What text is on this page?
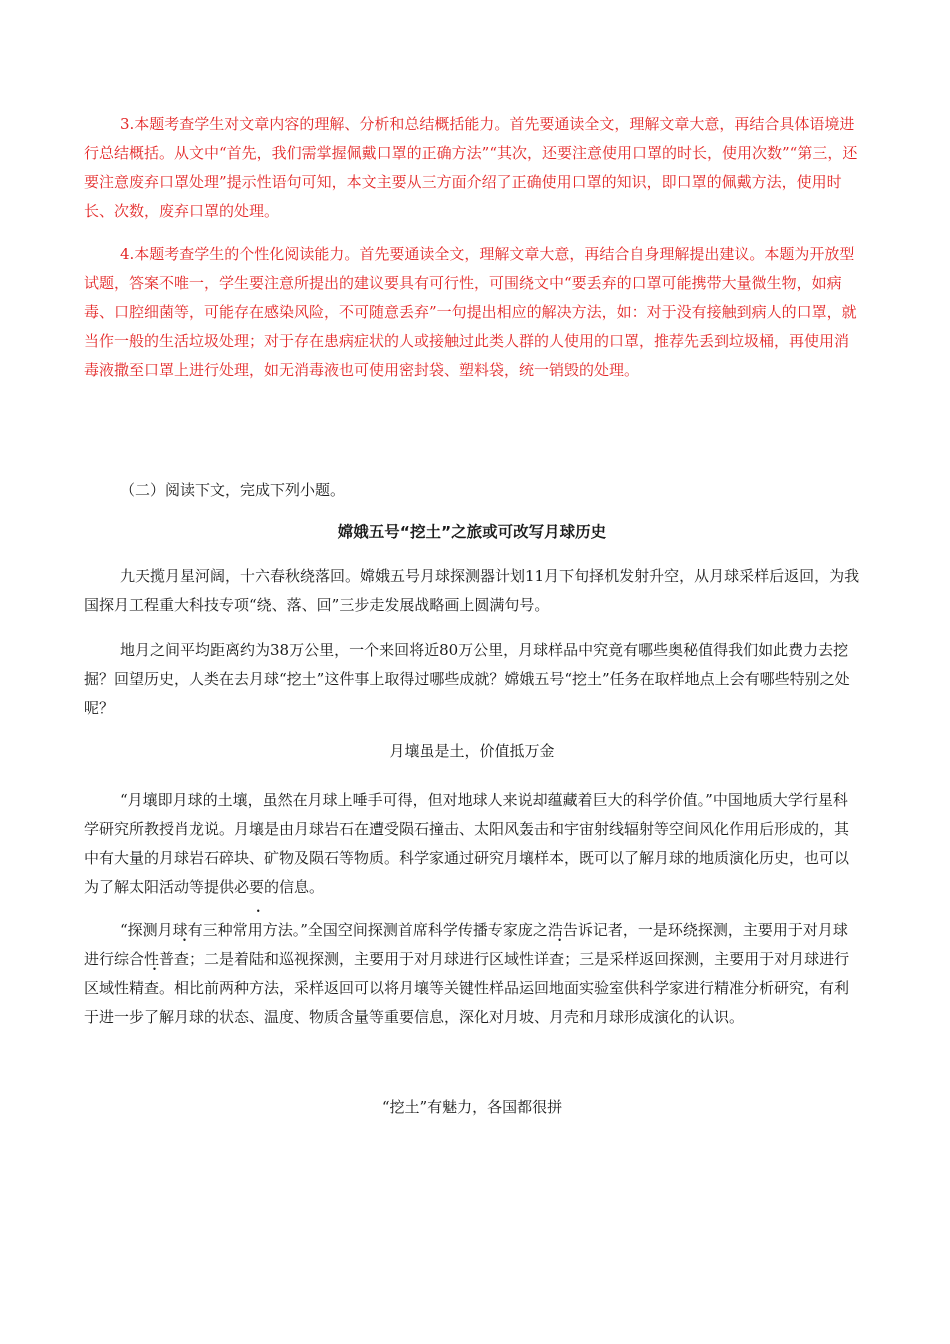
3.本题考查学生对文章内容的理解、分析和总结概括能力。首先要通读全文，理解文章大意，再结合具体语境进行总结概括。从文中“首先，我们需掌握佩戴口罩的正确方法”“其次，还要注意使用口罩的时长，使用次数”“第三，还要注意废弃口罩处理”提示性语句可知，本文主要从三方面介绍了正确使用口罩的知识，即口罩的佩戴方法，使用时长、次数，废弃口罩的处理。

4.本题考查学生的个性化阅读能力。首先要通读全文，理解文章大意，再结合自身理解提出建议。本题为开放型试题，答案不唯一，学生要注意所提出的建议要具有可行性，可围绕文中“要丢弃的口罩可能携带大量微生物，如病毒、口腔细菌等，可能存在感染风险，不可随意丢弃”一句提出相应的解决方法，如：对于没有接触到病人的口罩，就当作一般的生活垃圾处理；对于存在患病症状的人或接触过此类人群的人使用的口罩，推荐先丢到垃圾桶，再使用消毒液撒至口罩上进行处理，如无消毒液也可使用密封袋、塑料袋，统一销毁的处理。

（二）阅读下文，完成下列小题。

嫦娥五号“挖土”之旅或可改写月球历史

九天揽月星河阔，十六春秋绕落回。嫦娥五号月球探测器计划11月下旬择机发射升空，从月球采样后返回，为我国探月工程重大科技专项“绕、落、回”三步走发展战略画上圆满句号。

地月之间平均距离约为38万公里，一个来回将近80万公里，月球样品中究竟有哪些奥秘值得我们如此费力去挖掘？回望历史，人类在去月球“挖土”这件事上取得过哪些成就？嫦娥五号“挖土”任务在取样地点上会有哪些特别之处呢？

月壤虽是土，价值抵万金

“月壤即月球的土壤，虽然在月球上唾手可得，但对地球人来说却蕴藏着巨大的科学价值。”中国地质大学行星科学研究所教授肖龙说。月壤是由月球岩石在遭受陨石撞击、太阳风轰击和宇宙射线辐射等空间风化作用后形成的，其中有大量的月球岩石碎块、矿物及陨石等物质。科学家通过研究月壤样本，既可以了解月球的地质演化历史，也可以为了解太阳活动等提供必要的信息。

“探测月球有三种常用方法。”全国空间探测首席科学传播专家庞之浩告诉记者，一是环绕探测，主要用于对月球进行综合性普查；二是着陆和巡视探测，主要用于对月球进行区域性详查；三是采样返回探测，主要用于对月球进行区域性精查。相比前两种方法，采样返回可以将月壤等关键性样品运回地面实验室供科学家进行精准分析研究，有利于进一步了解月球的状态、温度、物质含量等重要信息，深化对月坡、月壳和月球形成演化的认识。

“挖土”有魅力，各国都很拼
